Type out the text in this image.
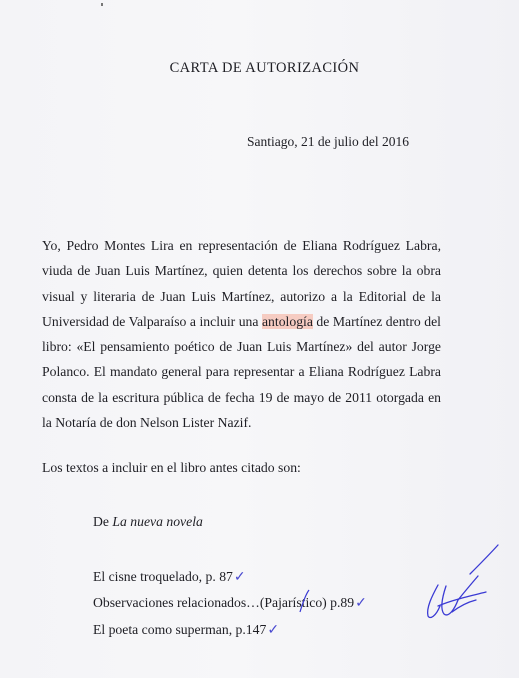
CARTA DE AUTORIZACIÓN
Santiago, 21 de julio del 2016

Yo, Pedro Montes Lira en representación de Eliana Rodríguez Labra, viuda de Juan Luis Martínez, quien detenta los derechos sobre la obra visual y literaria de Juan Luis Martínez, autorizo a la Editorial de la Universidad de Valparaíso a incluir una antología de Martínez dentro del libro: «El pensamiento poético de Juan Luis Martínez» del autor Jorge Polanco. El mandato general para representar a Eliana Rodríguez Labra consta de la escritura pública de fecha 19 de mayo de 2011 otorgada en la Notaría de don Nelson Lister Nazif.

Los textos a incluir en el libro antes citado son:
De La nueva novela
El cisne troquelado, p. 87✓
Observaciones relacionados…(Pajarístico) p.89✓
El poeta como superman, p.147✓
